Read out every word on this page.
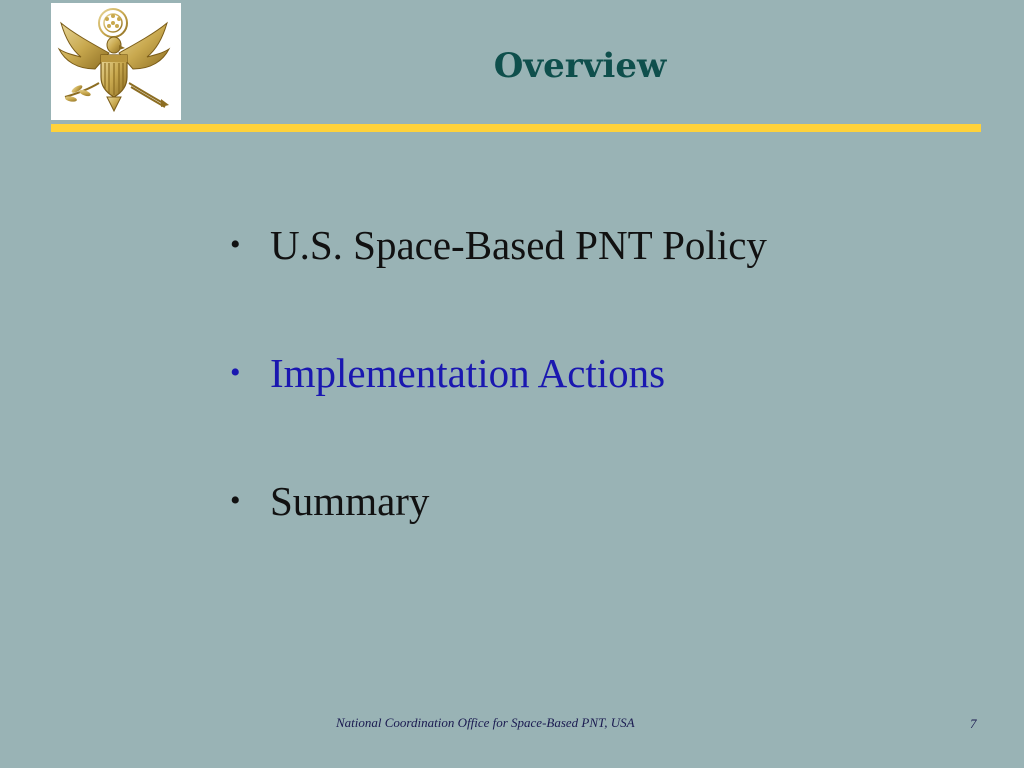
Overview
• U.S. Space-Based PNT Policy
• Implementation Actions
• Summary
National Coordination Office for Space-Based PNT, USA	7
